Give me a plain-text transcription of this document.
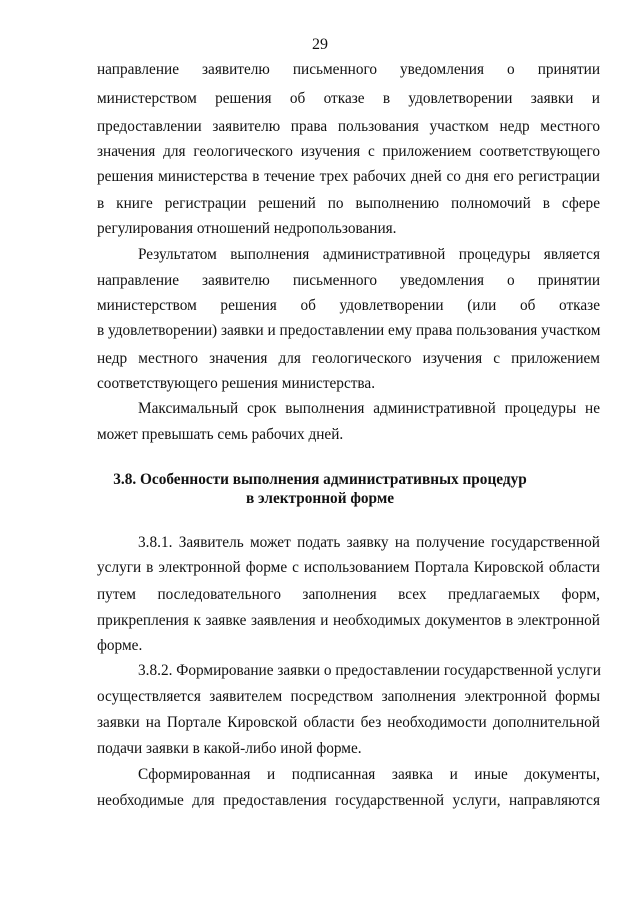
29
направление заявителю письменного уведомления о принятии
министерством решения об отказе в удовлетворении заявки и
предоставлении заявителю права пользования участком недр местного
значения для геологического изучения с приложением соответствующего
решения министерства в течение трех рабочих дней со дня его регистрации
в книге регистрации решений по выполнению полномочий в сфере
регулирования отношений недропользования.
Результатом выполнения административной процедуры является
направление заявителю письменного уведомления о принятии
министерством решения об удовлетворении (или об отказе
в удовлетворении) заявки и предоставлении ему права пользования участком
недр местного значения для геологического изучения с приложением
соответствующего решения министерства.
Максимальный срок выполнения административной процедуры не
может превышать семь рабочих дней.
3.8. Особенности выполнения административных процедур
в электронной форме
3.8.1. Заявитель может подать заявку на получение государственной
услуги в электронной форме с использованием Портала Кировской области
путем последовательного заполнения всех предлагаемых форм,
прикрепления к заявке заявления и необходимых документов в электронной
форме.
3.8.2. Формирование заявки о предоставлении государственной услуги
осуществляется заявителем посредством заполнения электронной формы
заявки на Портале Кировской области без необходимости дополнительной
подачи заявки в какой-либо иной форме.
Сформированная и подписанная заявка и иные документы,
необходимые для предоставления государственной услуги, направляются
